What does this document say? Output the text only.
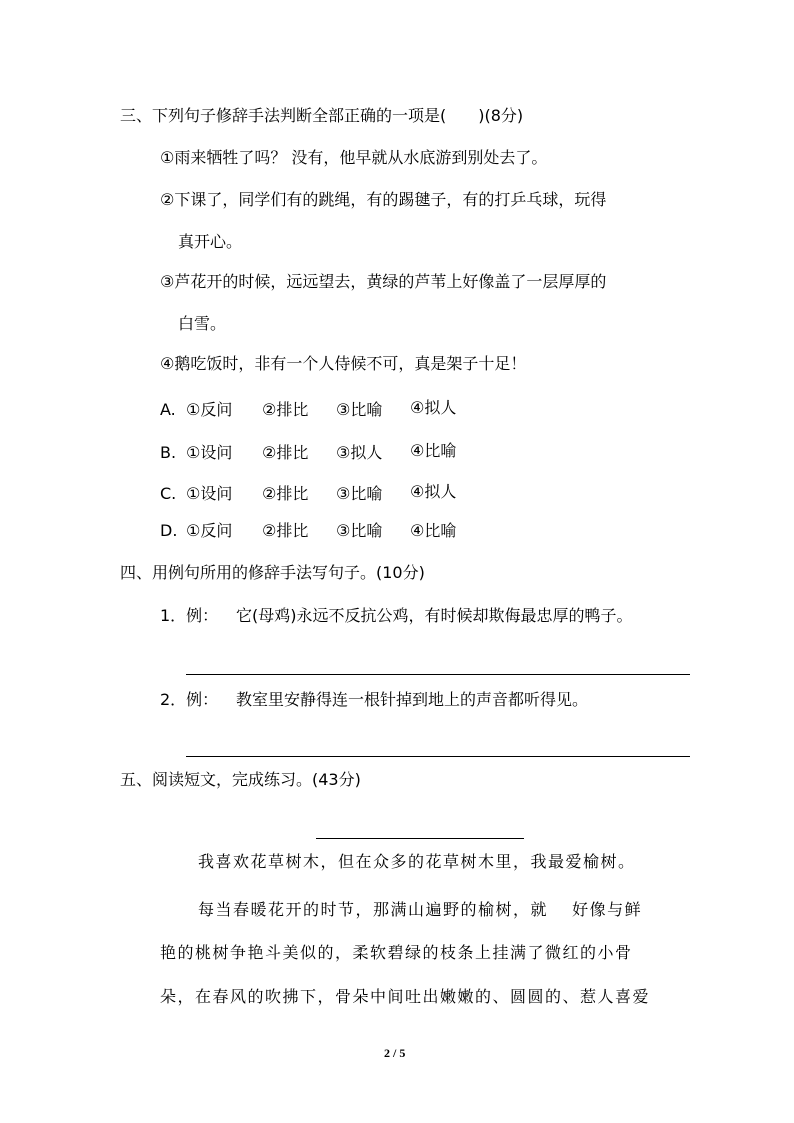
三、下列句子修辞手法判断全部正确的一项是(　　)(8分)
①雨来牺牲了吗？ 没有，他早就从水底游到别处去了。
②下课了，同学们有的跳绳，有的踢毽子，有的打乒乓球，玩得
真开心。
③芦花开的时候，远远望去，黄绿的芦苇上好像盖了一层厚厚的
白雪。
④鹅吃饭时，非有一个人侍候不可，真是架子十足！
A. ①反问 ②排比 ③比喻 ④拟人
B. ①设问 ②排比 ③拟人 ④比喻
C. ①设问 ②排比 ③比喻 ④拟人
D. ①反问 ②排比 ③比喻 ④比喻
四、用例句所用的修辞手法写句子。(10分)
1．例： 它(母鸡)永远不反抗公鸡，有时候却欺侮最忠厚的鸭子。
2．例： 教室里安静得连一根针掉到地上的声音都听得见。
五、阅读短文，完成练习。(43分)
我喜欢花草树木，但在众多的花草树木里，我最爱榆树。
每当春暖花开的时节，那满山遍野的榆树，就　 好像与鲜
艳的桃树争艳斗美似的，柔软碧绿的枝条上挂满了微红的小骨
朵，在春风的吹拂下，骨朵中间吐出嫩嫩的、圆圆的、惹人喜爱
2 / 5
